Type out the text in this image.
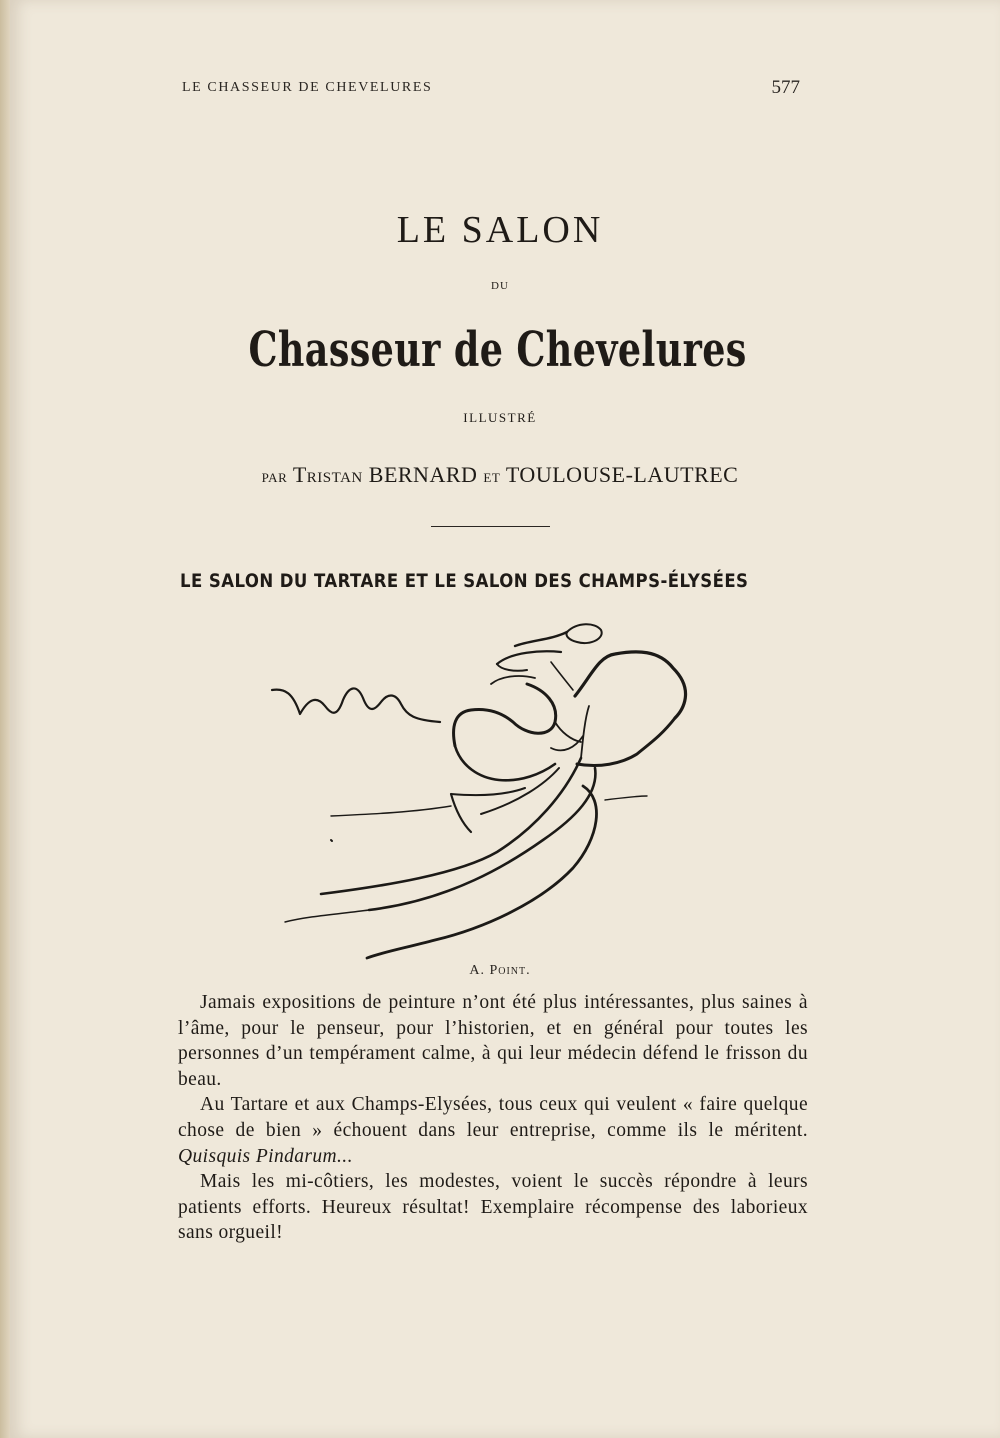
LE CHASSEUR DE CHEVELURES	577
LE SALON
DU
Chasseur de Chevelures
ILLUSTRÉ
par Tristan BERNARD et TOULOUSE-LAUTREC
LE SALON DU TARTARE ET LE SALON DES CHAMPS-ÉLYSÉES
A. Point.

Jamais expositions de peinture n’ont été plus intéressantes, plus saines à l’âme, pour le penseur, pour l’historien, et en général pour toutes les personnes d’un tempérament calme, à qui leur médecin défend le frisson du beau.

Au Tartare et aux Champs-Elysées, tous ceux qui veulent « faire quelque chose de bien » échouent dans leur entreprise, comme ils le méritent. Quisquis Pindarum...

Mais les mi-côtiers, les modestes, voient le succès répondre à leurs patients efforts. Heureux résultat! Exemplaire récompense des laborieux sans orgueil!
